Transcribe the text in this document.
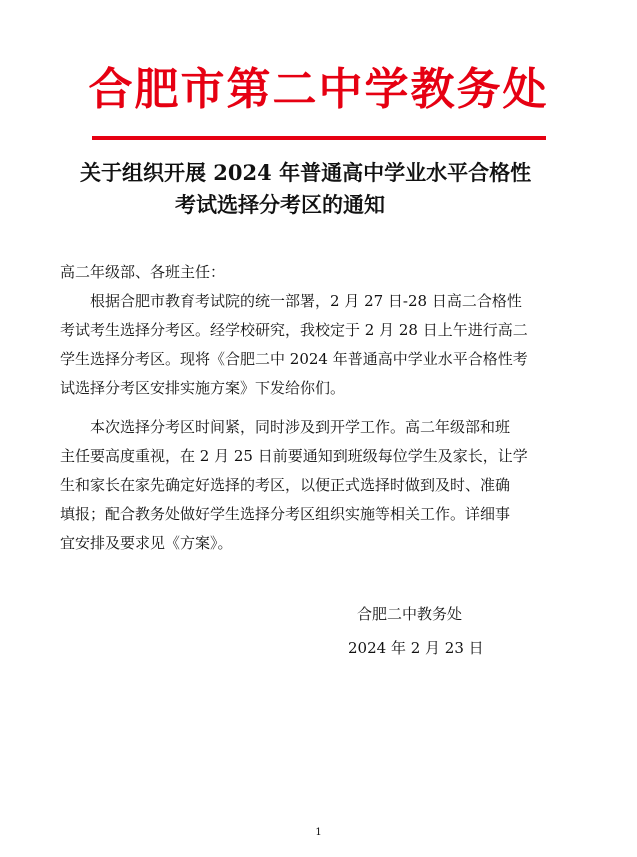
合肥市第二中学教务处
关于组织开展 2024 年普通高中学业水平合格性
考试选择分考区的通知
高二年级部、各班主任：
根据合肥市教育考试院的统一部署，2 月 27 日-28 日高二合格性
考试考生选择分考区。经学校研究，我校定于 2 月 28 日上午进行高二
学生选择分考区。现将《合肥二中 2024 年普通高中学业水平合格性考
试选择分考区安排实施方案》下发给你们。
本次选择分考区时间紧，同时涉及到开学工作。高二年级部和班
主任要高度重视，在 2 月 25 日前要通知到班级每位学生及家长，让学
生和家长在家先确定好选择的考区，以便正式选择时做到及时、准确
填报；配合教务处做好学生选择分考区组织实施等相关工作。详细事
宜安排及要求见《方案》。
合肥二中教务处
2024 年 2 月 23 日
1
